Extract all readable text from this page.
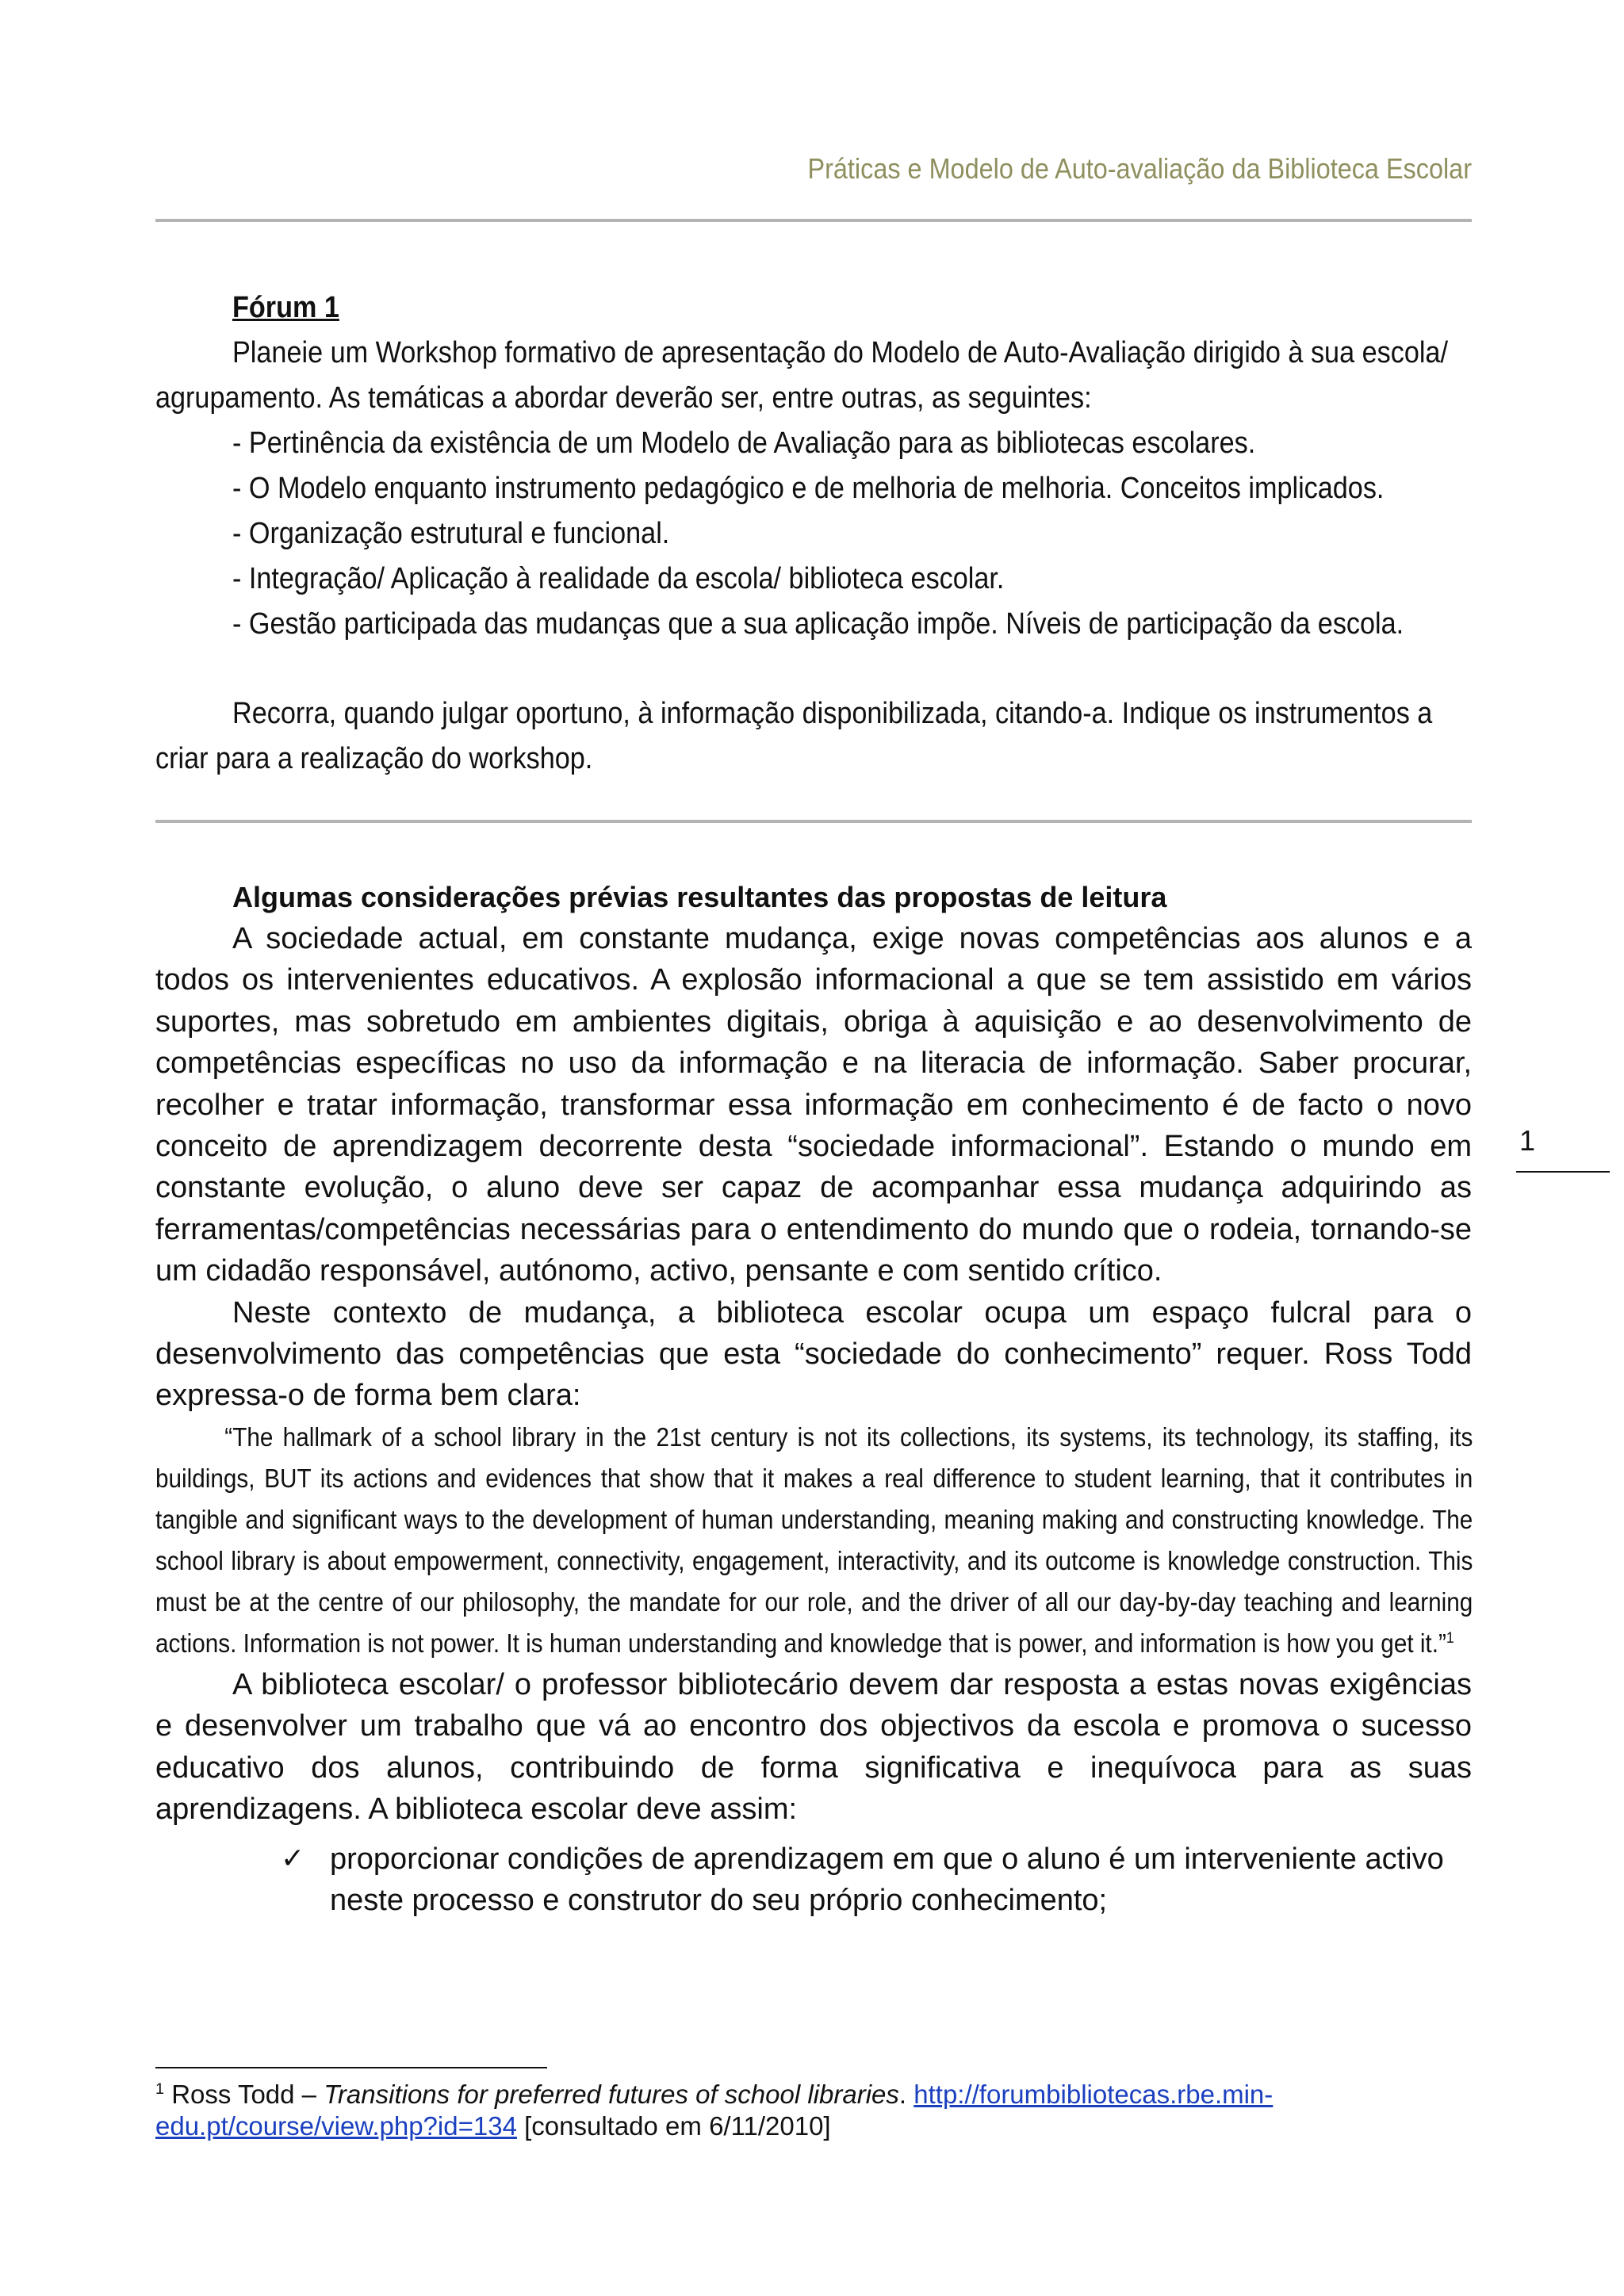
Práticas e Modelo de Auto-avaliação da Biblioteca Escolar
Fórum 1
Planeie um Workshop formativo de apresentação do Modelo de Auto-Avaliação dirigido à sua escola/
agrupamento. As temáticas a abordar deverão ser, entre outras, as seguintes:
- Pertinência da existência de um Modelo de Avaliação para as bibliotecas escolares.
- O Modelo enquanto instrumento pedagógico e de melhoria de melhoria. Conceitos implicados.
- Organização estrutural e funcional.
- Integração/ Aplicação à realidade da escola/ biblioteca escolar.
- Gestão participada das mudanças que a sua aplicação impõe. Níveis de participação da escola.
Recorra, quando julgar oportuno, à informação disponibilizada, citando-a. Indique os instrumentos a
criar para a realização do workshop.
Algumas considerações prévias resultantes das propostas de leitura

A sociedade actual, em constante mudança, exige novas competências aos alunos e a todos os intervenientes educativos. A explosão informacional a que se tem assistido em vários suportes, mas sobretudo em ambientes digitais, obriga à aquisição e ao desenvolvimento de competências específicas no uso da informação e na literacia de informação. Saber procurar, recolher e tratar informação, transformar essa informação em conhecimento é de facto o novo conceito de aprendizagem decorrente desta “sociedade informacional”. Estando o mundo em constante evolução, o aluno deve ser capaz de acompanhar essa mudança adquirindo as ferramentas/competências necessárias para o entendimento do mundo que o rodeia, tornando-se um cidadão responsável, autónomo, activo, pensante e com sentido crítico.

Neste contexto de mudança, a biblioteca escolar ocupa um espaço fulcral para o desenvolvimento das competências que esta “sociedade do conhecimento” requer. Ross Todd expressa-o de forma bem clara:

“The hallmark of a school library in the 21st century is not its collections, its systems, its technology, its staffing, its buildings, BUT its actions and evidences that show that it makes a real difference to student learning, that it contributes in tangible and significant ways to the development of human understanding, meaning making and constructing knowledge. The school library is about empowerment, connectivity, engagement, interactivity, and its outcome is knowledge construction. This must be at the centre of our philosophy, the mandate for our role, and the driver of all our day-by-day teaching and learning actions. Information is not power. It is human understanding and knowledge that is power, and information is how you get it.”$^1$

A biblioteca escolar/ o professor bibliotecário devem dar resposta a estas novas exigências e desenvolver um trabalho que vá ao encontro dos objectivos da escola e promova o sucesso educativo dos alunos, contribuindo de forma significativa e inequívoca para as suas aprendizagens. A biblioteca escolar deve assim:

✓ proporcionar condições de aprendizagem em que o aluno é um interveniente activo neste processo e construtor do seu próprio conhecimento;
1
$^1$ Ross Todd – Transitions for preferred futures of school libraries. http://forumbibliotecas.rbe.min-edu.pt/course/view.php?id=134 [consultado em 6/11/2010]
